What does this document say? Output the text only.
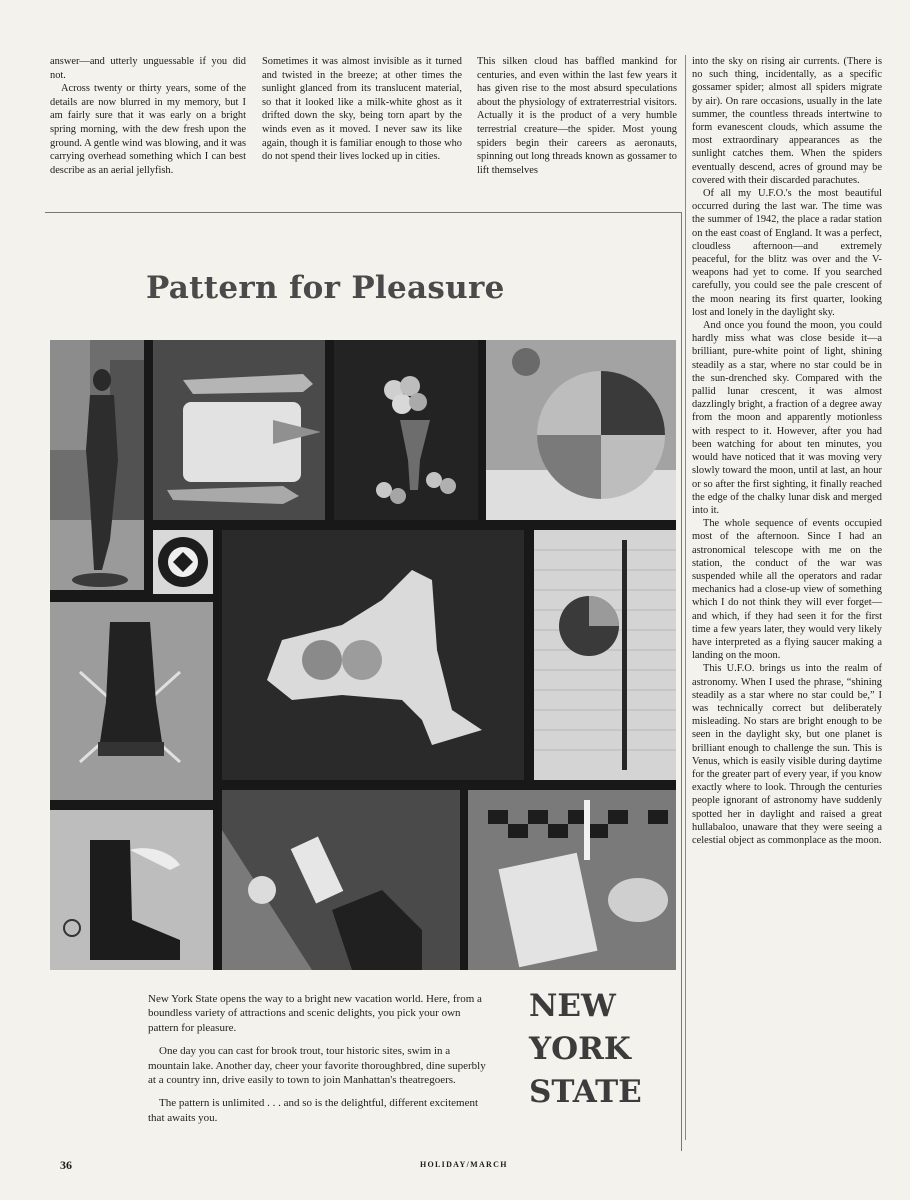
answer—and utterly unguessable if you did not.

Across twenty or thirty years, some of the details are now blurred in my memory, but I am fairly sure that it was early on a bright spring morning, with the dew fresh upon the ground. A gentle wind was blowing, and it was carrying overhead something which I can best describe as an aerial jellyfish.

Sometimes it was almost invisible as it turned and twisted in the breeze; at other times the sunlight glanced from its translucent material, so that it looked like a milk-white ghost as it drifted down the sky, being torn apart by the winds even as it moved. I never saw its like again, though it is familiar enough to those who do not spend their lives locked up in cities.

This silken cloud has baffled mankind for centuries, and even within the last few years it has given rise to the most absurd speculations about the physiology of extraterrestrial visitors. Actually it is the product of a very humble terrestrial creature—the spider. Most young spiders begin their careers as aeronauts, spinning out long threads known as gossamer to lift themselves

into the sky on rising air currents. (There is no such thing, incidentally, as a specific gossamer spider; almost all spiders migrate by air). On rare occasions, usually in the late summer, the countless threads intertwine to form evanescent clouds, which assume the most extraordinary appearances as the sunlight catches them. When the spiders eventually descend, acres of ground may be covered with their discarded parachutes.

Of all my U.F.O.'s the most beautiful occurred during the last war. The time was the summer of 1942, the place a radar station on the east coast of England. It was a perfect, cloudless afternoon—and extremely peaceful, for the blitz was over and the V-weapons had yet to come. If you searched carefully, you could see the pale crescent of the moon nearing its first quarter, looking lost and lonely in the daylight sky.

And once you found the moon, you could hardly miss what was close beside it—a brilliant, pure-white point of light, shining steadily as a star, where no star could be in the sun-drenched sky. Compared with the pallid lunar crescent, it was almost dazzlingly bright, a fraction of a degree away from the moon and apparently motionless with respect to it. However, after you had been watching for about ten minutes, you would have noticed that it was moving very slowly toward the moon, until at last, an hour or so after the first sighting, it finally reached the edge of the chalky lunar disk and merged into it.

The whole sequence of events occupied most of the afternoon. Since I had an astronomical telescope with me on the station, the conduct of the war was suspended while all the operators and radar mechanics had a close-up view of something which I do not think they will ever forget—and which, if they had seen it for the first time a few years later, they would very likely have interpreted as a flying saucer making a landing on the moon.

This U.F.O. brings us into the realm of astronomy. When I used the phrase, “shining steadily as a star where no star could be,” I was technically correct but deliberately misleading. No stars are bright enough to be seen in the daylight sky, but one planet is brilliant enough to challenge the sun. This is Venus, which is easily visible during daytime for the greater part of every year, if you know exactly where to look. Through the centuries people ignorant of astronomy have suddenly spotted her in daylight and raised a great hullabaloo, unaware that they were seeing a celestial object as commonplace as the moon.

Pattern for Pleasure

New York State opens the way to a bright new vacation world. Here, from a boundless variety of attractions and scenic delights, you pick your own pattern for pleasure.

One day you can cast for brook trout, tour historic sites, swim in a mountain lake. Another day, cheer your favorite thoroughbred, dine superbly at a country inn, drive easily to town to join Manhattan's theatregoers.

The pattern is unlimited . . . and so is the delightful, different excitement that awaits you.

NEW
YORK
STATE
36	HOLIDAY/MARCH
